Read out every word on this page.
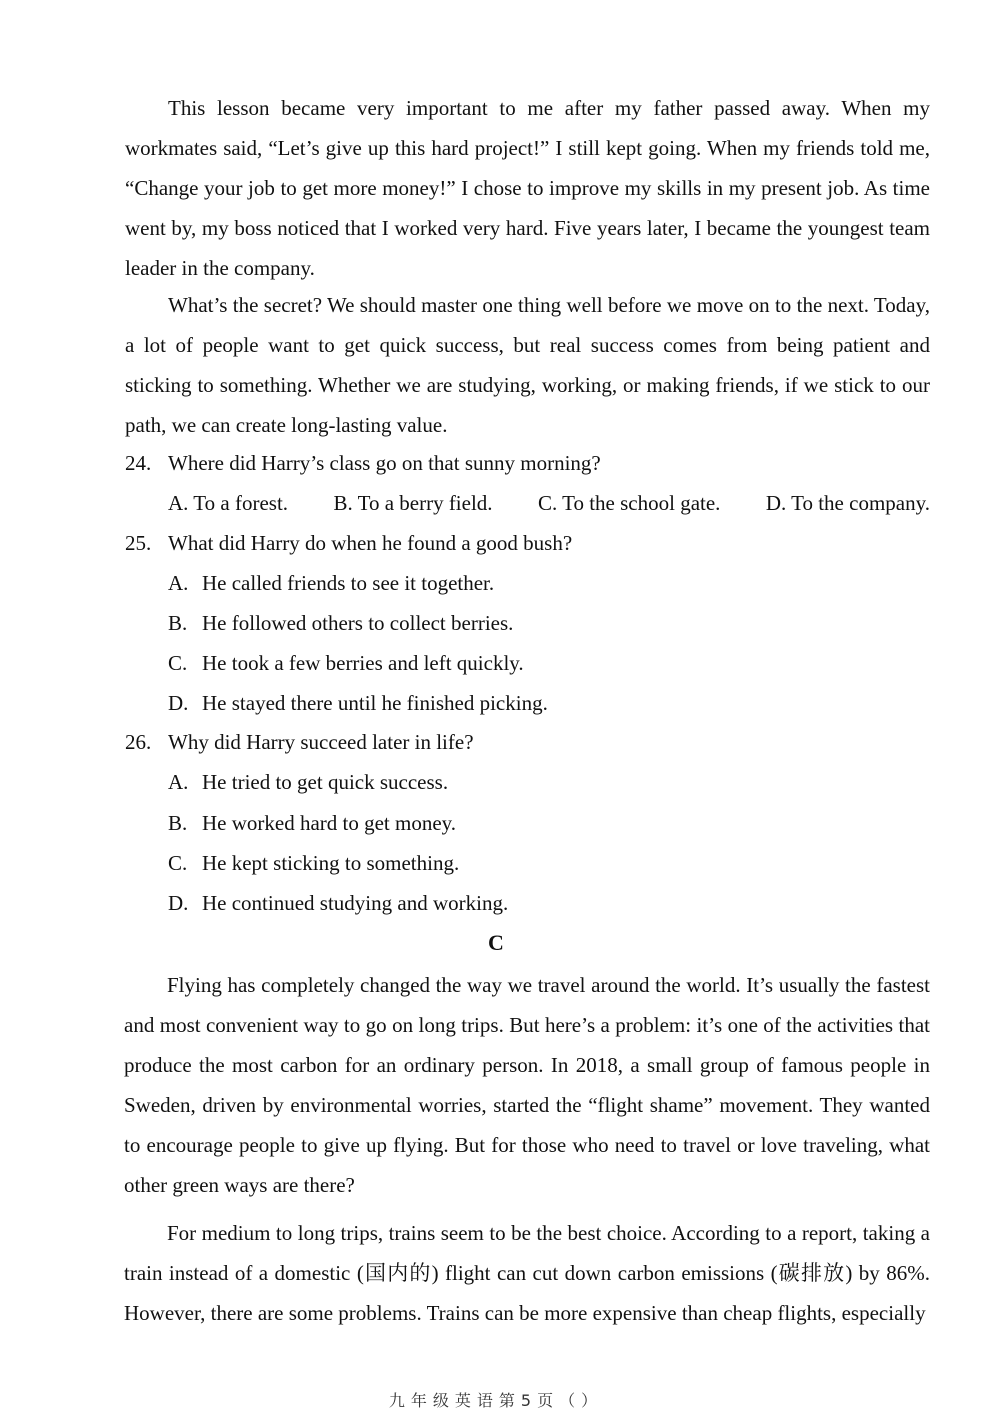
This lesson became very important to me after my father passed away. When my workmates said, “Let’s give up this hard project!” I still kept going. When my friends told me, “Change your job to get more money!” I chose to improve my skills in my present job. As time went by, my boss noticed that I worked very hard. Five years later, I became the youngest team leader in the company.

What’s the secret? We should master one thing well before we move on to the next. Today, a lot of people want to get quick success, but real success comes from being patient and sticking to something. Whether we are studying, working, or making friends, if we stick to our path, we can create long-lasting value.

24. Where did Harry’s class go on that sunny morning?

A. To a forest. B. To a berry field. C. To the school gate. D. To the company.

25. What did Harry do when he found a good bush?

A. He called friends to see it together.

B. He followed others to collect berries.

C. He took a few berries and left quickly.

D. He stayed there until he finished picking.

26. Why did Harry succeed later in life?

A. He tried to get quick success.

B. He worked hard to get money.

C. He kept sticking to something.

D. He continued studying and working.

C

Flying has completely changed the way we travel around the world. It’s usually the fastest and most convenient way to go on long trips. But here’s a problem: it’s one of the activities that produce the most carbon for an ordinary person. In 2018, a small group of famous people in Sweden, driven by environmental worries, started the “flight shame” movement. They wanted to encourage people to give up flying. But for those who need to travel or love traveling, what other green ways are there?

For medium to long trips, trains seem to be the best choice. According to a report, taking a train instead of a domestic (国内的) flight can cut down carbon emissions (碳排放) by 86%. However, there are some problems. Trains can be more expensive than cheap flights, especially

九年级英语第5页（）
